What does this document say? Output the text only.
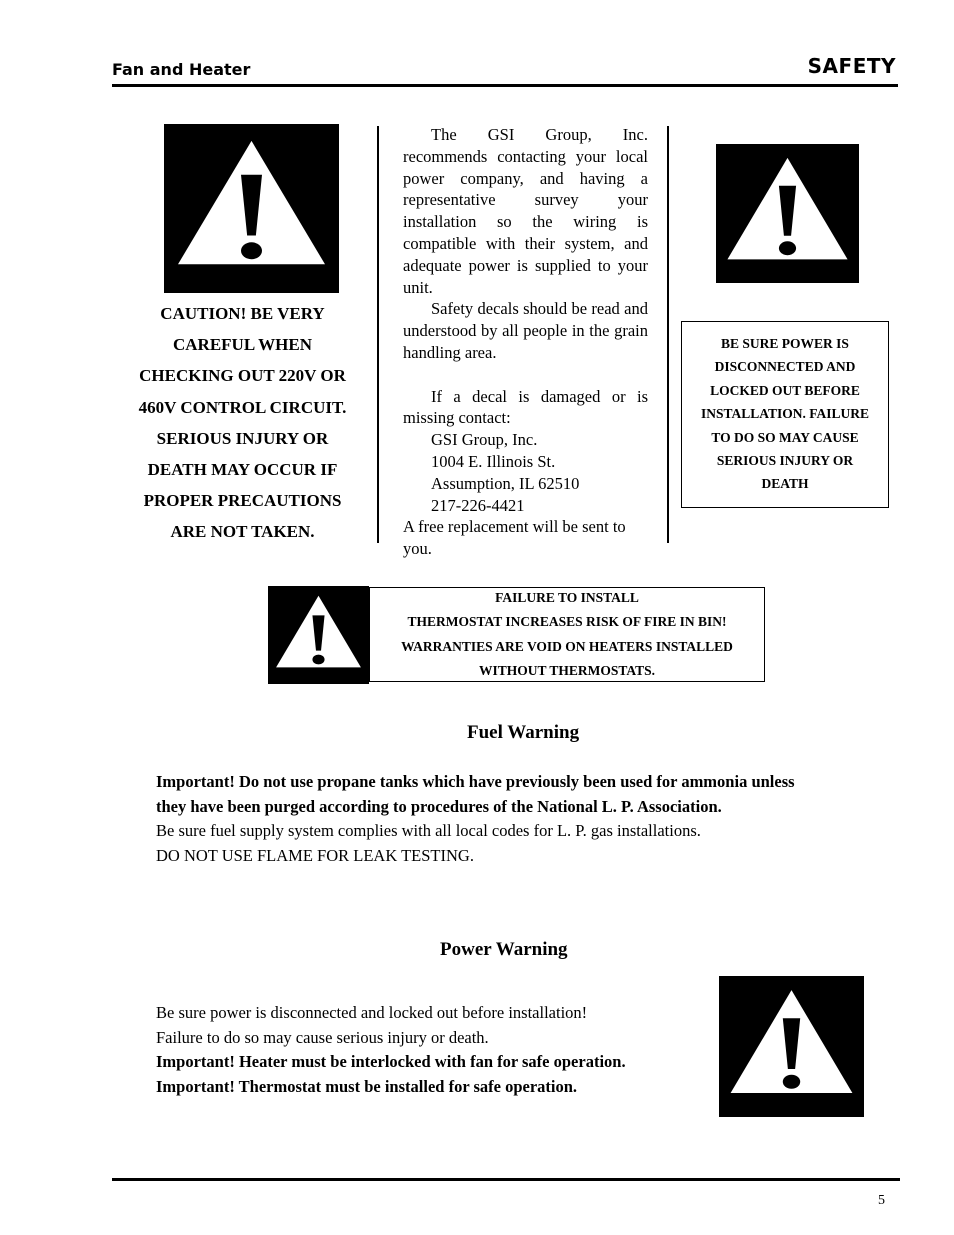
Fan and Heater	SAFETY
CAUTION! BE VERY
CAREFUL WHEN
CHECKING OUT 220V OR
460V CONTROL CIRCUIT.
SERIOUS INJURY OR
DEATH MAY OCCUR IF
PROPER PRECAUTIONS
ARE NOT TAKEN.

The GSI Group, Inc. recommends contacting your local power company, and having a representative survey your installation so the wiring is compatible with their system, and adequate power is supplied to your unit.

Safety decals should be read and understood by all people in the grain handling area.

If a decal is damaged or is missing contact:

GSI Group, Inc.
1004 E. Illinois St.
Assumption, IL 62510
217-226-4421

A free replacement will be sent to you.

BE SURE POWER IS
DISCONNECTED AND
LOCKED OUT BEFORE
INSTALLATION. FAILURE
TO DO SO MAY CAUSE
SERIOUS INJURY OR
DEATH
FAILURE TO INSTALL
THERMOSTAT INCREASES RISK OF FIRE IN BIN!
WARRANTIES ARE VOID ON HEATERS INSTALLED
WITHOUT THERMOSTATS.
Fuel Warning
Important! Do not use propane tanks which have previously been used for ammonia unless
they have been purged according to procedures of the National L. P. Association.
Be sure fuel supply system complies with all local codes for L. P. gas installations.
DO NOT USE FLAME FOR LEAK TESTING.
Power Warning
Be sure power is disconnected and locked out before installation!
Failure to do so may cause serious injury or death.
Important! Heater must be interlocked with fan for safe operation.
Important! Thermostat must be installed for safe operation.
5
